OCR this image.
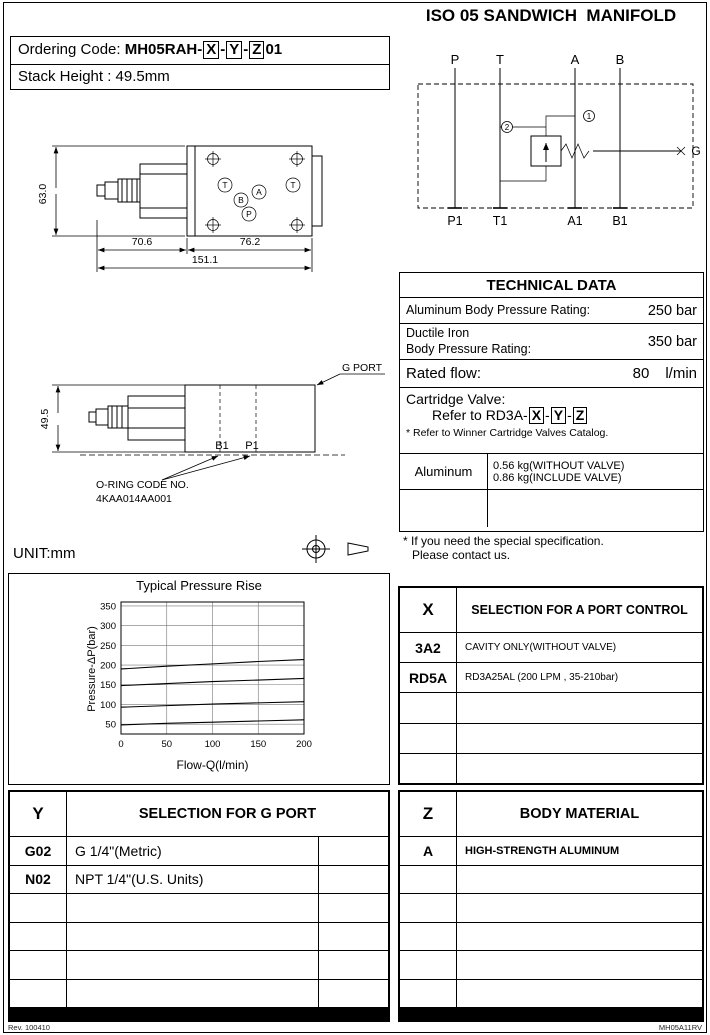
ISO 05 SANDWICH  MANIFOLD
Ordering Code: MH05RAH- X - Y - Z 01
Stack Height : 49.5mm
T	T
B
A
P
63.0
70.6	76.2
151.1
B1 P1
G PORT
49.5
O-RING CODE NO.
4KAA014AA001
UNIT:mm
P	T	A	B
1
2
G
P1 T1	A1 B1
TECHNICAL DATA
Aluminum Body Pressure Rating:	250 bar
Ductile Iron
Body Pressure Rating:	350 bar
Rated flow:	80 l/min
Cartridge Valve:
Refer to RD3A- X - Y - Z
* Refer to Winner Cartridge Valves Catalog.
Aluminum	0.56 kg(WITHOUT VALVE)
0.86 kg(INCLUDE VALVE)
* If you need the special specification.
Please contact us.
Typical Pressure Rise
Pressure-ΔP(bar)
50
100
150
200
250
300
350
0	50	100	150	200
Flow-Q(l/min)
X	SELECTION FOR A PORT CONTROL
3A2	CAVITY ONLY(WITHOUT VALVE)
RD5A	RD3A25AL (200 LPM , 35-210bar)
Y	SELECTION FOR G PORT
G02	G 1/4"(Metric)
N02	NPT 1/4"(U.S. Units)
Z	BODY MATERIAL
A	HIGH-STRENGTH ALUMINUM
Rev. 100410	MH05A11RV
